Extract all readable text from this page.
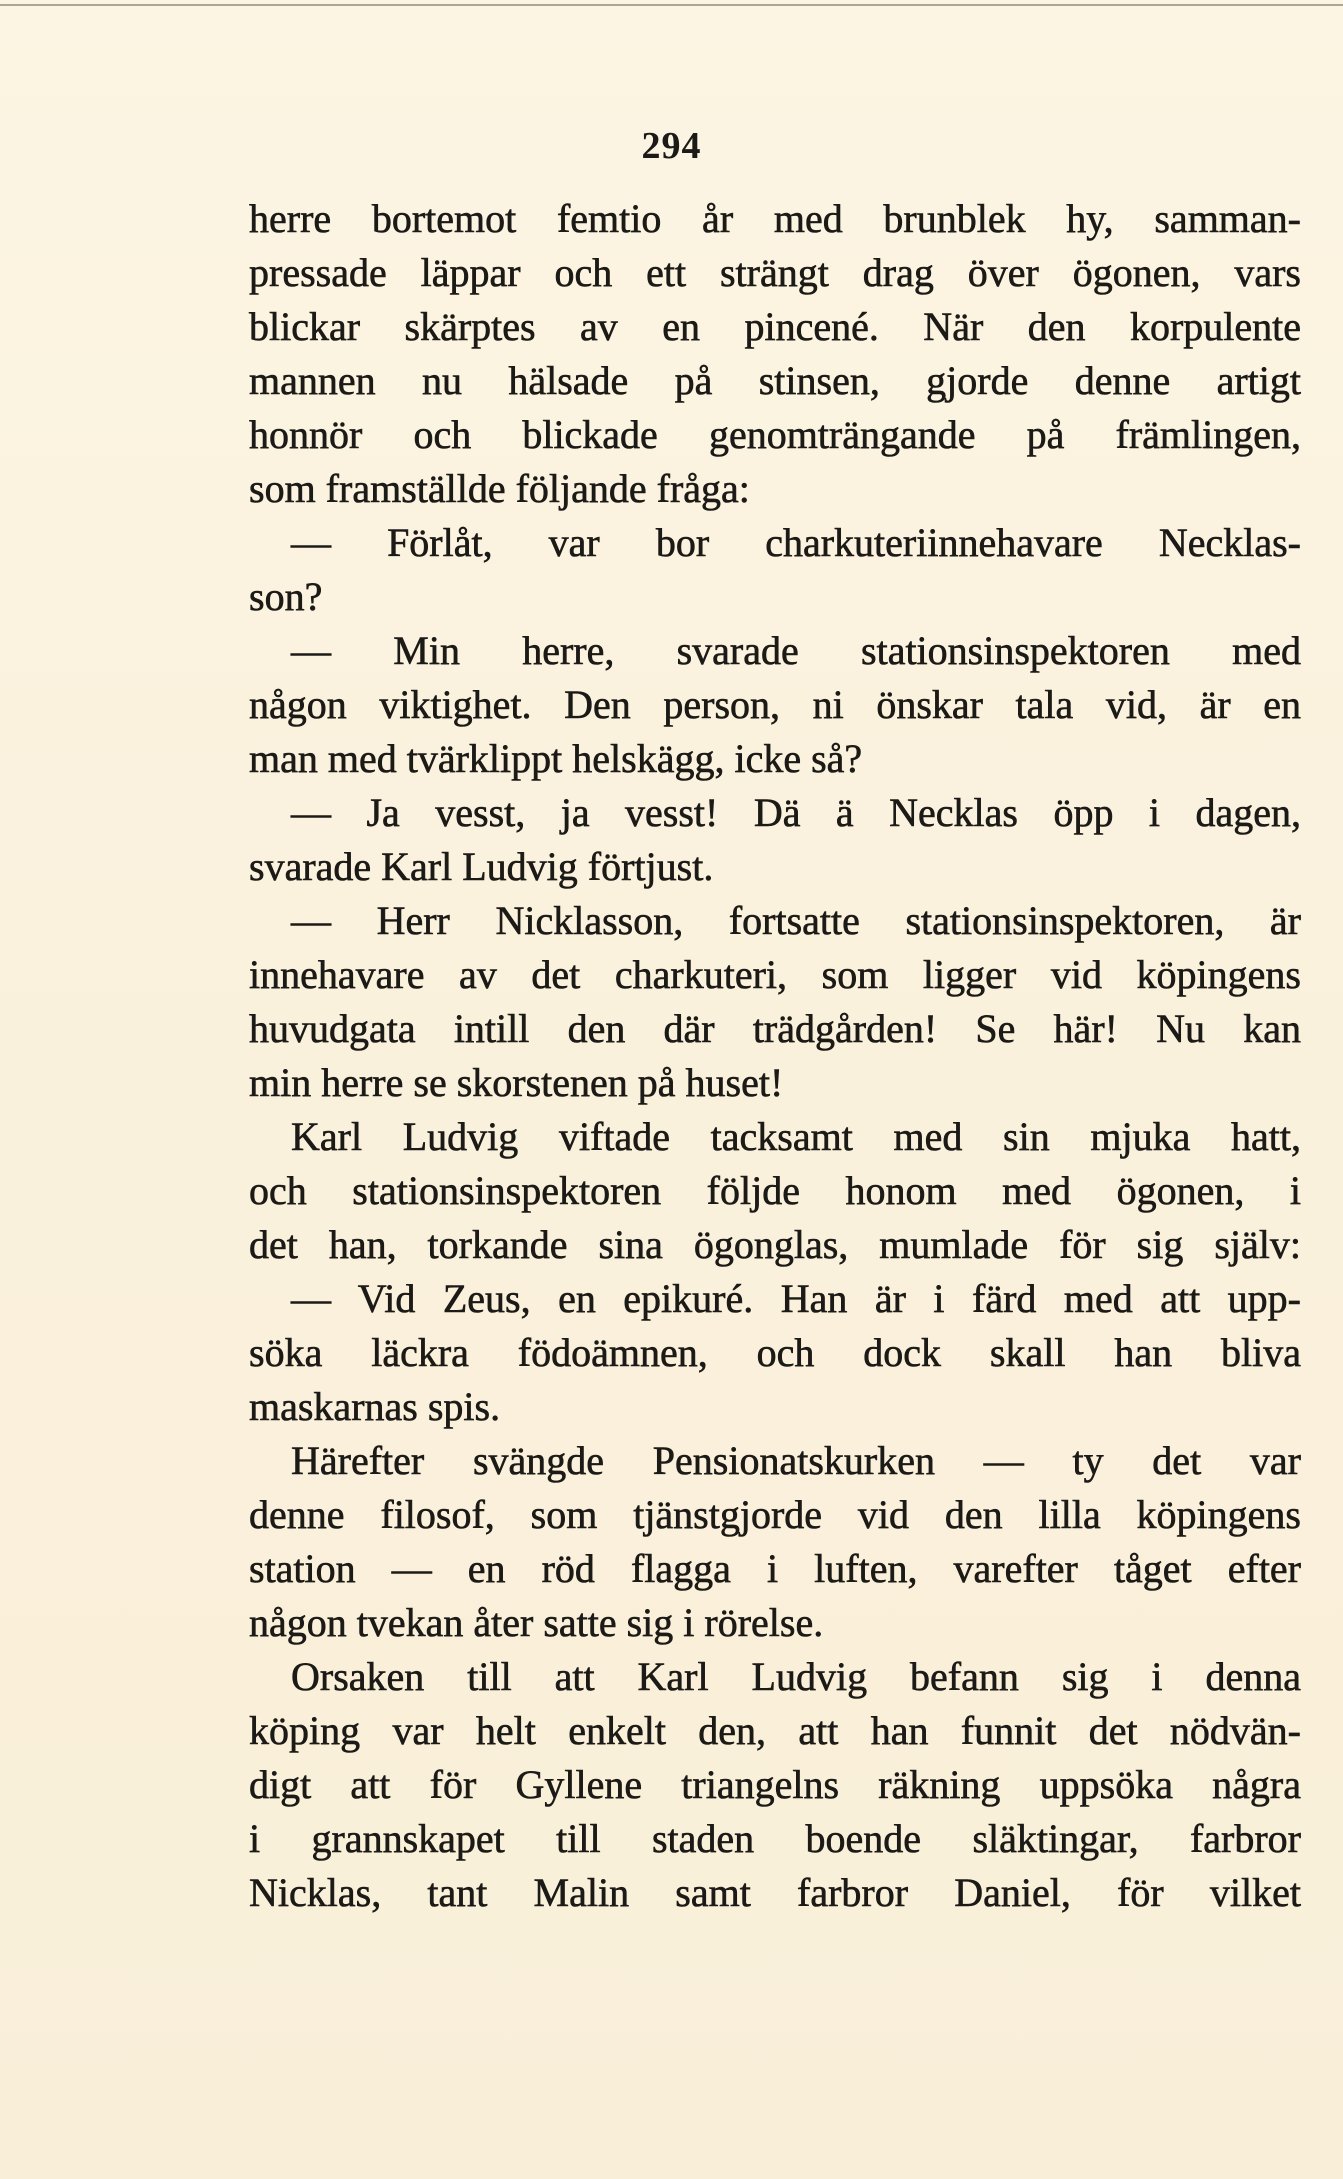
294
herre bortemot femtio år med brunblek hy, samman-
pressade läppar och ett strängt drag över ögonen, vars
blickar skärptes av en pincené. När den korpulente
mannen nu hälsade på stinsen, gjorde denne artigt
honnör och blickade genomträngande på främlingen,
som framställde följande fråga:
— Förlåt, var bor charkuteriinnehavare Necklas-
son?
— Min herre, svarade stationsinspektoren med
någon viktighet. Den person, ni önskar tala vid, är en
man med tvärklippt helskägg, icke så?
— Ja vesst, ja vesst! Dä ä Necklas öpp i dagen,
svarade Karl Ludvig förtjust.
— Herr Nicklasson, fortsatte stationsinspektoren, är
innehavare av det charkuteri, som ligger vid köpingens
huvudgata intill den där trädgården! Se här! Nu kan
min herre se skorstenen på huset!
Karl Ludvig viftade tacksamt med sin mjuka hatt,
och stationsinspektoren följde honom med ögonen, i
det han, torkande sina ögonglas, mumlade för sig själv:
— Vid Zeus, en epikuré. Han är i färd med att upp-
söka läckra födoämnen, och dock skall han bliva
maskarnas spis.
Härefter svängde Pensionatskurken — ty det var
denne filosof, som tjänstgjorde vid den lilla köpingens
station — en röd flagga i luften, varefter tåget efter
någon tvekan åter satte sig i rörelse.
Orsaken till att Karl Ludvig befann sig i denna
köping var helt enkelt den, att han funnit det nödvän-
digt att för Gyllene triangelns räkning uppsöka några
i grannskapet till staden boende släktingar, farbror
Nicklas, tant Malin samt farbror Daniel, för vilket
